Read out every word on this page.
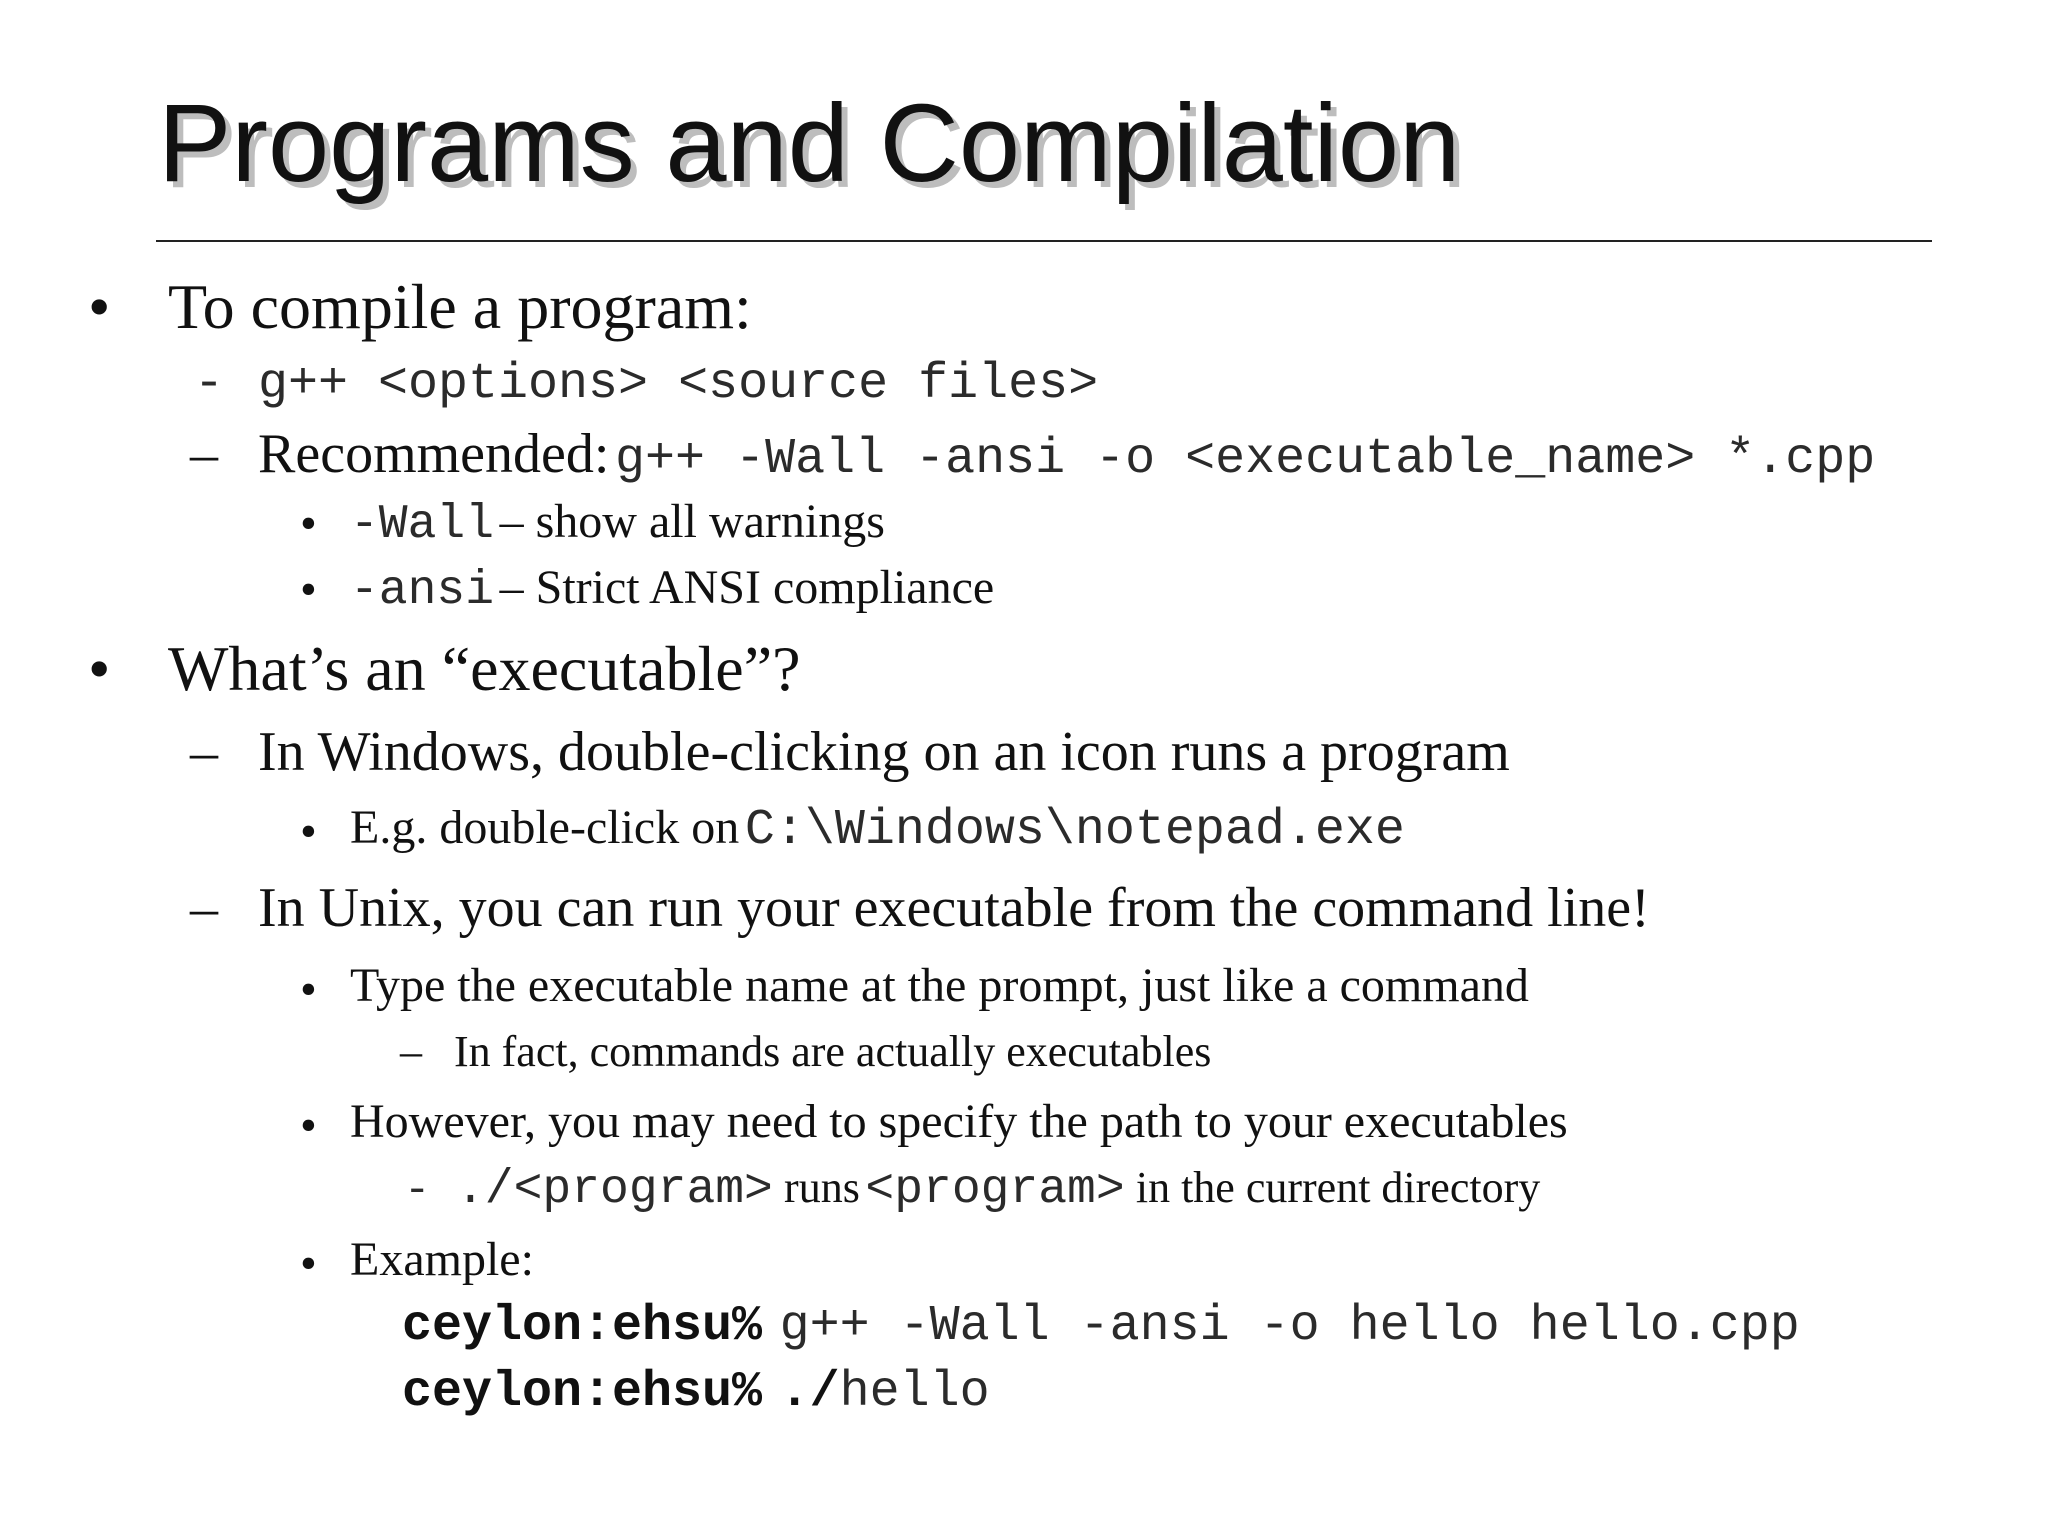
Programs and Compilation
• To compile a program:
- g++ <options> <source files>
– Recommended: g++ -Wall -ansi -o <executable_name> *.cpp
• -Wall – show all warnings
• -ansi – Strict ANSI compliance
• What’s an “executable”?
– In Windows, double-clicking on an icon runs a program
• E.g. double-click on C:\Windows\notepad.exe
– In Unix, you can run your executable from the command line!
• Type the executable name at the prompt, just like a command
– In fact, commands are actually executables
• However, you may need to specify the path to your executables
- ./<program> runs <program> in the current directory
• Example:
ceylon:ehsu% g++ -Wall -ansi -o hello hello.cpp
ceylon:ehsu% ./hello
